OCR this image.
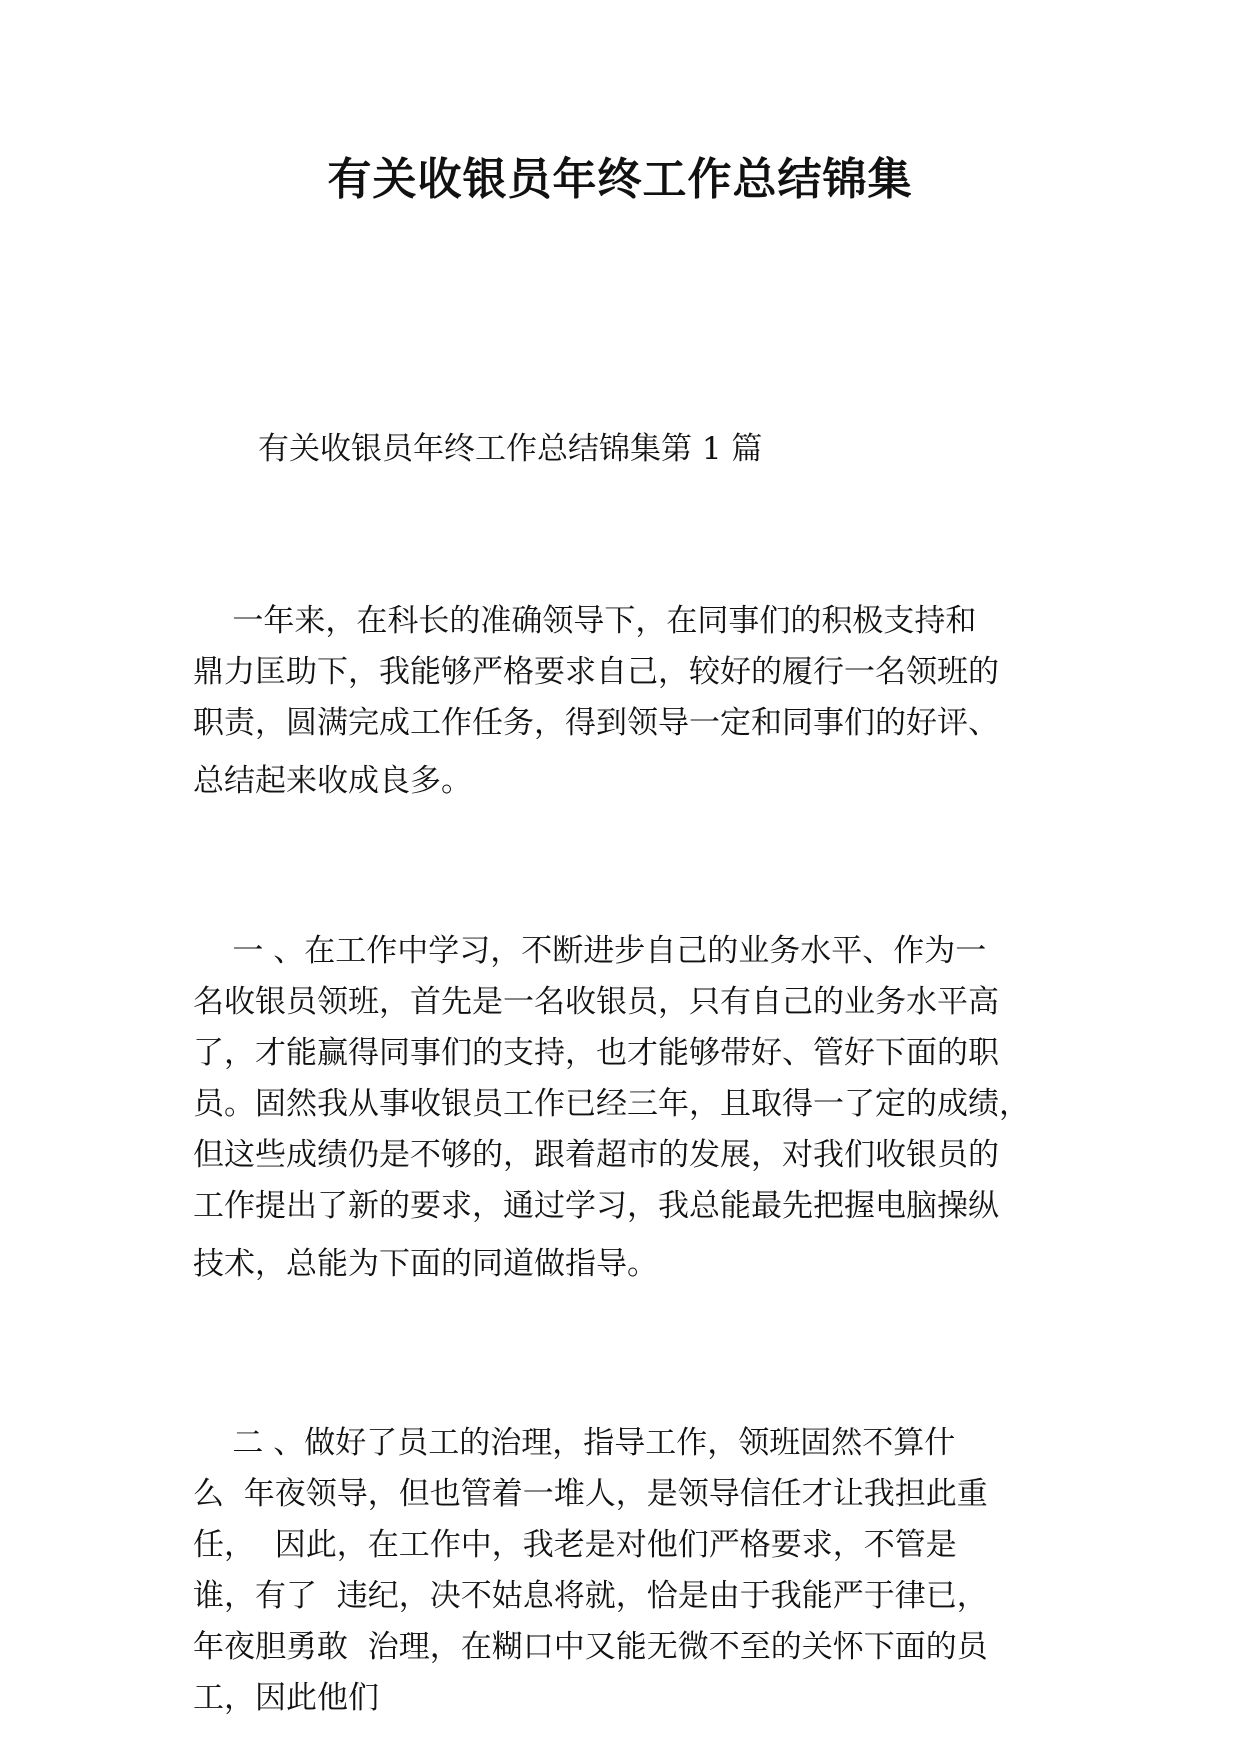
有关收银员年终工作总结锦集

有关收银员年终工作总结锦集第 1 篇

一年来，在科长的准确领导下，在同事们的积极支持和
鼎力匡助下，我能够严格要求自己，较好的履行一名领班的
职责，圆满完成工作任务，得到领导一定和同事们的好评、
总结起来收成良多。
一 、在工作中学习，不断进步自己的业务水平、作为一
名收银员领班，首先是一名收银员，只有自己的业务水平高
了，才能赢得同事们的支持，也才能够带好、管好下面的职
员。固然我从事收银员工作已经三年，且取得一了定的成绩，
但这些成绩仍是不够的，跟着超市的发展，对我们收银员的
工作提出了新的要求，通过学习，我总能最先把握电脑操纵
技术，总能为下面的同道做指导。
二 、做好了员工的治理，指导工作，领班固然不算什
么  年夜领导，但也管着一堆人，是领导信任才让我担此重
任，  因此，在工作中，我老是对他们严格要求，不管是
谁，有了  违纪，决不姑息将就，恰是由于我能严于律已，
年夜胆勇敢  治理，在糊口中又能无微不至的关怀下面的员
工，因此他们
